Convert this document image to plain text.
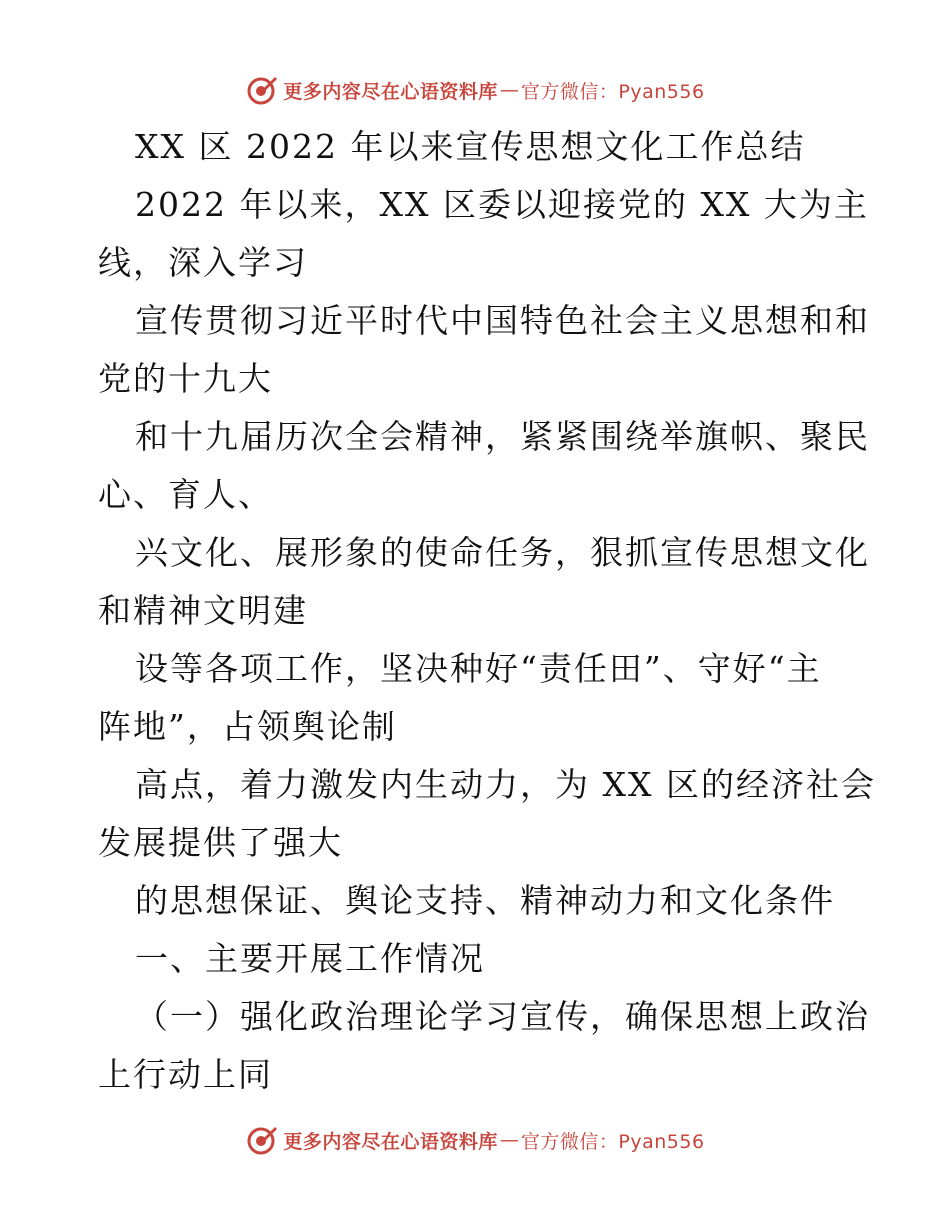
更多内容尽在心语资料库 — 官方微信：Pyan556
XX 区 2022 年以来宣传思想文化工作总结
2022 年以来，XX 区委以迎接党的 XX 大为主
线，深入学习
宣传贯彻习近平时代中国特色社会主义思想和和
党的十九大
和十九届历次全会精神，紧紧围绕举旗帜、聚民
心、育人、
兴文化、展形象的使命任务，狠抓宣传思想文化
和精神文明建
设等各项工作，坚决种好“责任田”、守好“主
阵地”，占领舆论制
高点，着力激发内生动力，为 XX 区的经济社会
发展提供了强大
的思想保证、舆论支持、精神动力和文化条件
一、主要开展工作情况
（一）强化政治理论学习宣传，确保思想上政治
上行动上同
更多内容尽在心语资料库 — 官方微信：Pyan556
